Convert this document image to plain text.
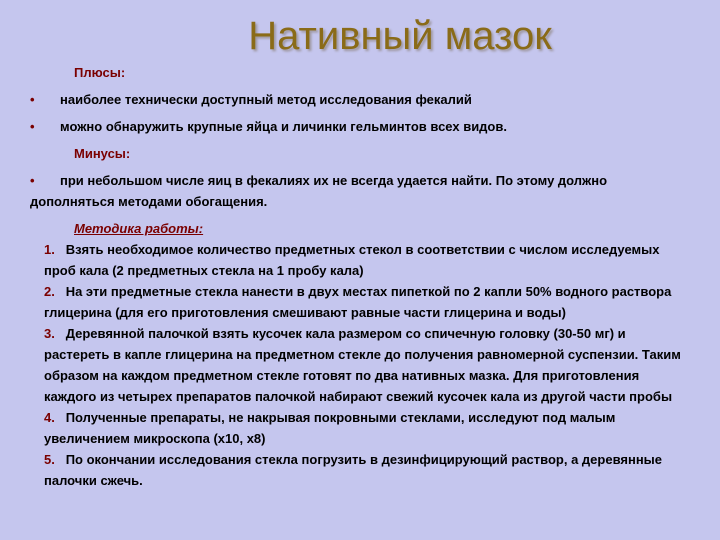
Нативный мазок
Плюсы:
•	наиболее технически доступный метод исследования фекалий
•	можно обнаружить крупные яйца и личинки гельминтов всех видов.
Минусы:
• при небольшом числе яиц в фекалиях их не всегда удается найти. По этому должно дополняться методами обогащения.
Методика работы:
1. Взять необходимое количество предметных стекол в соответствии с числом исследуемых проб кала (2 предметных стекла на 1 пробу кала)
2. На эти предметные стекла нанести в двух местах пипеткой по 2 капли 50% водного раствора глицерина (для его приготовления смешивают равные части глицерина и воды)
3. Деревянной палочкой взять кусочек кала размером со спичечную головку (30-50 мг) и растереть в капле глицерина на предметном стекле до получения равномерной суспензии. Таким образом на каждом предметном стекле готовят по два нативных мазка. Для приготовления каждого из четырех препаратов палочкой набирают свежий кусочек кала из другой части пробы
4. Полученные препараты, не накрывая покровными стеклами, исследуют под малым увеличением микроскопа (х10, х8)
5. По окончании исследования стекла погрузить в дезинфицирующий раствор, а деревянные палочки сжечь.
